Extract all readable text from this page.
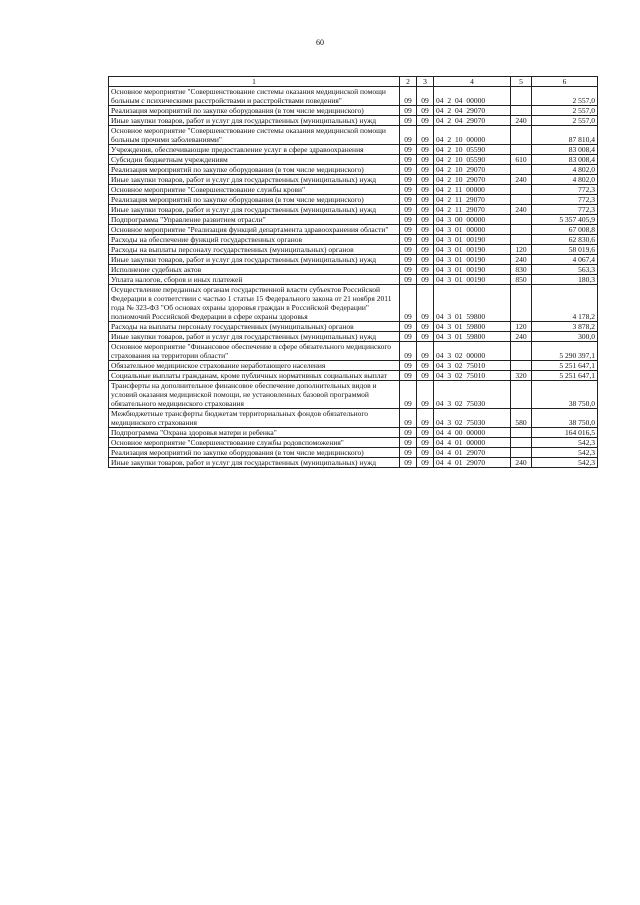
60
1	2	3	4	5	6
Основное мероприятие "Совершенствование системы оказания медицинской помощи больным с психическими расстройствами и расстройствами поведения"	09	09	04 2 04 00000		2 557,0
Реализация мероприятий по закупке оборудования (в том числе медицинского)	09	09	04 2 04 29070		2 557,0
Иные закупки товаров, работ и услуг для государственных (муниципальных) нужд	09	09	04 2 04 29070	240	2 557,0
Основное мероприятие "Совершенствование системы оказания медицинской помощи больным прочими заболеваниями"	09	09	04 2 10 00000		87 810,4
Учреждения, обеспечивающие предоставление услуг в сфере здравоохранения	09	09	04 2 10 05590		83 008,4
Субсидии бюджетным учреждениям	09	09	04 2 10 05590	610	83 008,4
Реализация мероприятий по закупке оборудования (в том числе медицинского)	09	09	04 2 10 29070		4 802,0
Иные закупки товаров, работ и услуг для государственных (муниципальных) нужд	09	09	04 2 10 29070	240	4 802,0
Основное мероприятие "Совершенствование службы крови"	09	09	04 2 11 00000		772,3
Реализация мероприятий по закупке оборудования (в том числе медицинского)	09	09	04 2 11 29070		772,3
Иные закупки товаров, работ и услуг для государственных (муниципальных) нужд	09	09	04 2 11 29070	240	772,3
Подпрограмма "Управление развитием отрасли"	09	09	04 3 00 00000		5 357 405,9
Основное мероприятие "Реализация функций департамента здравоохранения области"	09	09	04 3 01 00000		67 008,8
Расходы на обеспечение функций государственных органов	09	09	04 3 01 00190		62 830,6
Расходы на выплаты персоналу государственных (муниципальных) органов	09	09	04 3 01 00190	120	58 019,6
Иные закупки товаров, работ и услуг для государственных (муниципальных) нужд	09	09	04 3 01 00190	240	4 067,4
Исполнение судебных актов	09	09	04 3 01 00190	830	563,3
Уплата налогов, сборов и иных платежей	09	09	04 3 01 00190	850	180,3
Осуществление переданных органам государственной власти субъектов Российской Федерации в соответствии с частью 1 статьи 15 Федерального закона от 21 ноября 2011 года № 323-ФЗ "Об основах охраны здоровья граждан в Российской Федерации" полномочий Российской Федерации в сфере охраны здоровья	09	09	04 3 01 59800		4 178,2
Расходы на выплаты персоналу государственных (муниципальных) органов	09	09	04 3 01 59800	120	3 878,2
Иные закупки товаров, работ и услуг для государственных (муниципальных) нужд	09	09	04 3 01 59800	240	300,0
Основное мероприятие "Финансовое обеспечение в сфере обязательного медицинского страхования на территории области"	09	09	04 3 02 00000		5 290 397,1
Обязательное медицинское страхование неработающего населения	09	09	04 3 02 75010		5 251 647,1
Социальные выплаты гражданам, кроме публичных нормативных социальных выплат	09	09	04 3 02 75010	320	5 251 647,1
Трансферты на дополнительное финансовое обеспечение дополнительных видов и условий оказания медицинской помощи, не установленных базовой программой обязательного медицинского страхования	09	09	04 3 02 75030		38 750,0
Межбюджетные трансферты бюджетам территориальных фондов обязательного медицинского страхования	09	09	04 3 02 75030	580	38 750,0
Подпрограмма "Охрана здоровья матери и ребенка"	09	09	04 4 00 00000		164 016,5
Основное мероприятие "Совершенствование службы родовспоможения"	09	09	04 4 01 00000		542,3
Реализация мероприятий по закупке оборудования (в том числе медицинского)	09	09	04 4 01 29070		542,3
Иные закупки товаров, работ и услуг для государственных (муниципальных) нужд	09	09	04 4 01 29070	240	542,3
